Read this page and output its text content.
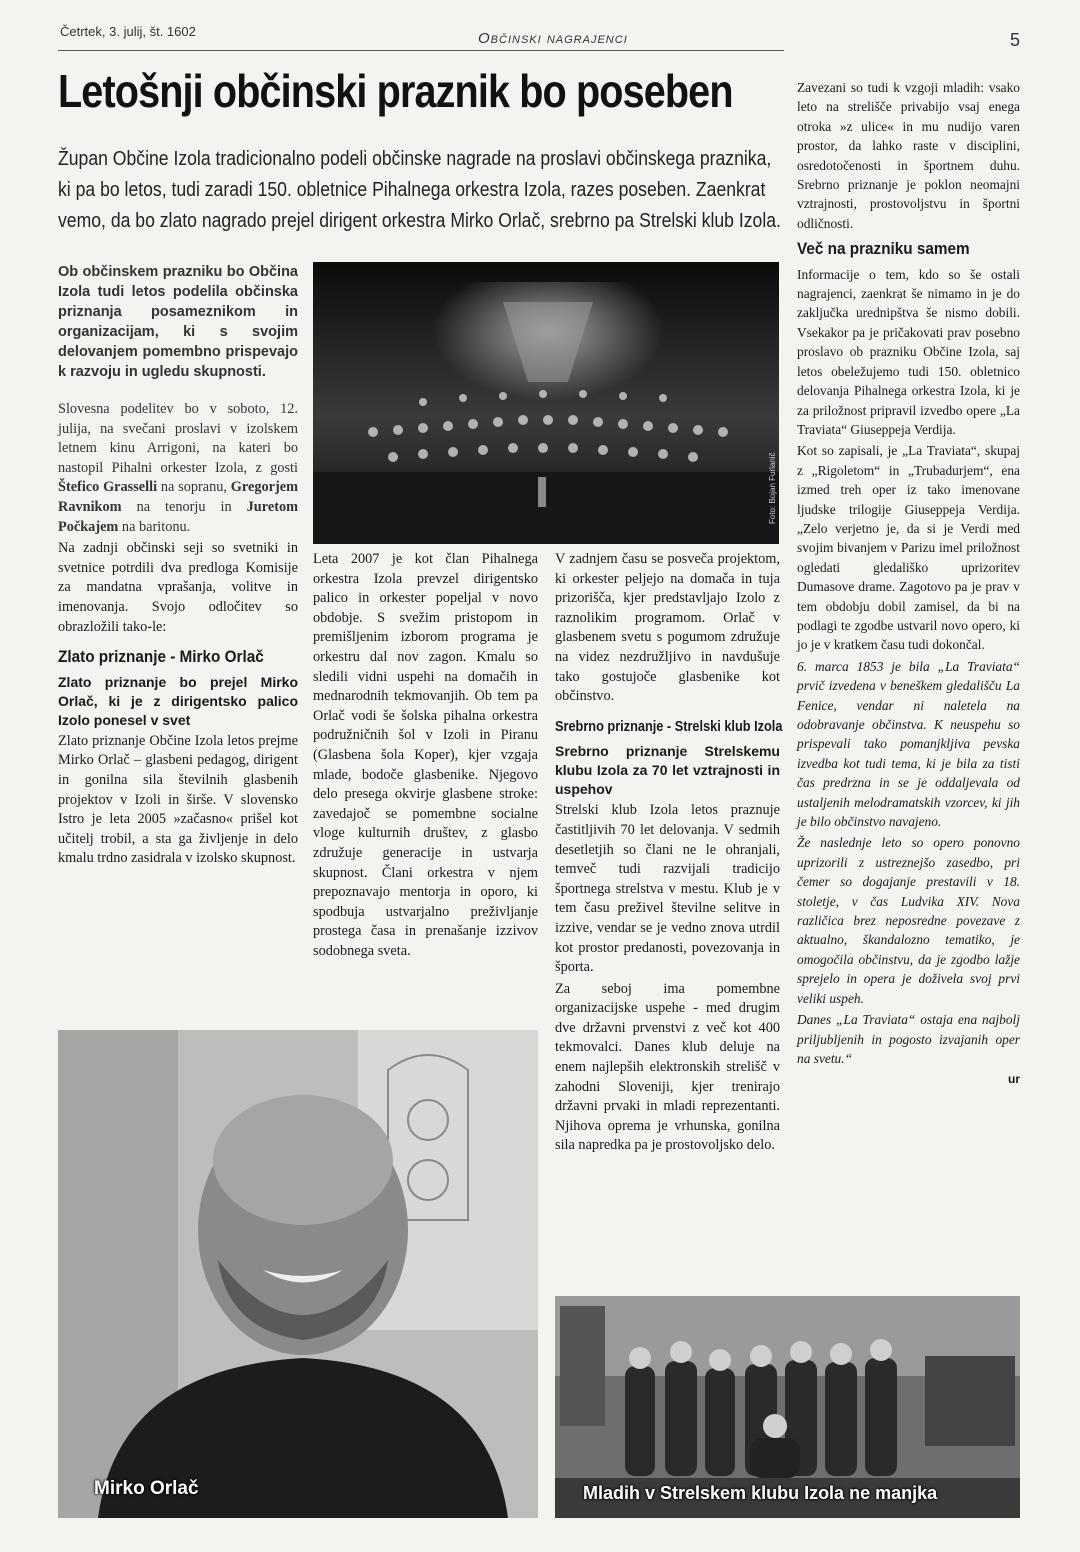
Četrtek, 3. julij, št. 1602	Občinski nagrajenci	5
Letošnji občinski praznik bo poseben
Župan Občine Izola tradicionalno podeli občinske nagrade na proslavi občinskega praznika, ki pa bo letos, tudi zaradi 150. obletnice Pihalnega orkestra Izola, razes poseben. Zaenkrat vemo, da bo zlato nagrado prejel dirigent orkestra Mirko Orlač, srebrno pa Strelski klub Izola.
Ob občinskem prazniku bo Občina Izola tudi letos podelila občinska priznanja posameznikom in organizacijam, ki s svojim delovanjem pomembno prispevajo k razvoju in ugledu skupnosti.

Slovesna podelitev bo v soboto, 12. julija, na svečani proslavi v izolskem letnem kinu Arrigoni, na kateri bo nastopil Pihalni orkester Izola, z gosti Štefico Grasselli na sopranu, Gregorjem Ravnikom na tenorju in Juretom Počkajem na baritonu.

Na zadnji občinski seji so svetniki in svetnice potrdili dva predloga Komisije za mandatna vprašanja, volitve in imenovanja. Svojo odločitev so obrazložili tako-le:

Zlato priznanje - Mirko Orlač
Zlato priznanje bo prejel Mirko Orlač, ki je z dirigentsko palico Izolo ponesel v svet

Zlato priznanje Občine Izola letos prejme Mirko Orlač – glasbeni pedagog, dirigent in gonilna sila številnih glasbenih projektov v Izoli in širše. V slovensko Istro je leta 2005 »začasno« prišel kot učitelj trobil, a sta ga življenje in delo kmalu trdno zasidrala v izolsko skupnost.

Foto: Bojan Furlanič

Leta 2007 je kot član Pihalnega orkestra Izola prevzel dirigentsko palico in orkester popeljal v novo obdobje. S svežim pristopom in premišljenim izborom programa je orkestru dal nov zagon. Kmalu so sledili vidni uspehi na domačih in mednarodnih tekmovanjih. Ob tem pa Orlač vodi še šolska pihalna orkestra podružničnih šol v Izoli in Piranu (Glasbena šola Koper), kjer vzgaja mlade, bodoče glasbenike. Njegovo delo presega okvirje glasbene stroke: zavedajoč se pomembne socialne vloge kulturnih društev, z glasbo združuje generacije in ustvarja skupnost. Člani orkestra v njem prepoznavajo mentorja in oporo, ki spodbuja ustvarjalno preživljanje prostega časa in prenašanje izzivov sodobnega sveta.

V zadnjem času se posveča projektom, ki orkester peljejo na domača in tuja prizorišča, kjer predstavljajo Izolo z raznolikim programom. Orlač v glasbenem svetu s pogumom združuje na videz nezdružljivo in navdušuje tako gostujoče glasbenike kot občinstvo.

Srebrno priznanje - Strelski klub Izola
Srebrno priznanje Strelskemu klubu Izola za 70 let vztrajnosti in uspehov

Strelski klub Izola letos praznuje častitljivih 70 let delovanja. V sedmih desetletjih so člani ne le ohranjali, temveč tudi razvijali tradicijo športnega strelstva v mestu. Klub je v tem času preživel številne selitve in izzive, vendar se je vedno znova utrdil kot prostor predanosti, povezovanja in športa.

Za seboj ima pomembne organizacijske uspehe - med drugim dve državni prvenstvi z več kot 400 tekmovalci. Danes klub deluje na enem najlepših elektronskih strelišč v zahodni Sloveniji, kjer trenirajo državni prvaki in mladi reprezentanti. Njihova oprema je vrhunska, gonilna sila napredka pa je prostovoljsko delo.

Zavezani so tudi k vzgoji mladih: vsako leto na strelišče privabijo vsaj enega otroka »z ulice« in mu nudijo varen prostor, da lahko raste v disciplini, osredotočenosti in športnem duhu. Srebrno priznanje je poklon neomajni vztrajnosti, prostovoljstvu in športni odličnosti.

Več na prazniku samem

Informacije o tem, kdo so še ostali nagrajenci, zaenkrat še nimamo in je do zaključka urednipštva še nismo dobili. Vsekakor pa je pričakovati prav posebno proslavo ob prazniku Občine Izola, saj letos obeležujemo tudi 150. obletnico delovanja Pihalnega orkestra Izola, ki je za priložnost pripravil izvedbo opere „La Traviata“ Giuseppeja Verdija.

Kot so zapisali, je „La Traviata“, skupaj z „Rigoletom“ in „Trubadurjem“, ena izmed treh oper iz tako imenovane ljudske trilogije Giuseppeja Verdija. „Zelo verjetno je, da si je Verdi med svojim bivanjem v Parizu imel priložnost ogledati gledališko uprizoritev Dumasove drame. Zagotovo pa je prav v tem obdobju dobil zamisel, da bi na podlagi te zgodbe ustvaril novo opero, ki jo je v kratkem času tudi dokončal.

6. marca 1853 je bila „La Traviata“ prvič izvedena v beneškem gledališču La Fenice, vendar ni naletela na odobravanje občinstva. K neuspehu so prispevali tako pomanjkljiva pevska izvedba kot tudi tema, ki je bila za tisti čas predrzna in se je oddaljevala od ustaljenih melodramatskih vzorcev, ki jih je bilo občinstvo navajeno.

Že naslednje leto so opero ponovno uprizorili z ustreznejšo zasedbo, pri čemer so dogajanje prestavili v 18. stoletje, v čas Ludvika XIV. Nova različica brez neposredne povezave z aktualno, škandalozno tematiko, je omogočila občinstvu, da je zgodbo lažje sprejelo in opera je doživela svoj prvi veliki uspeh.

Danes „La Traviata“ ostaja ena najbolj priljubljenih in pogosto izvajanih oper na svetu.“

ur
Mirko Orlač	Mladih v Strelskem klubu Izola ne manjka
